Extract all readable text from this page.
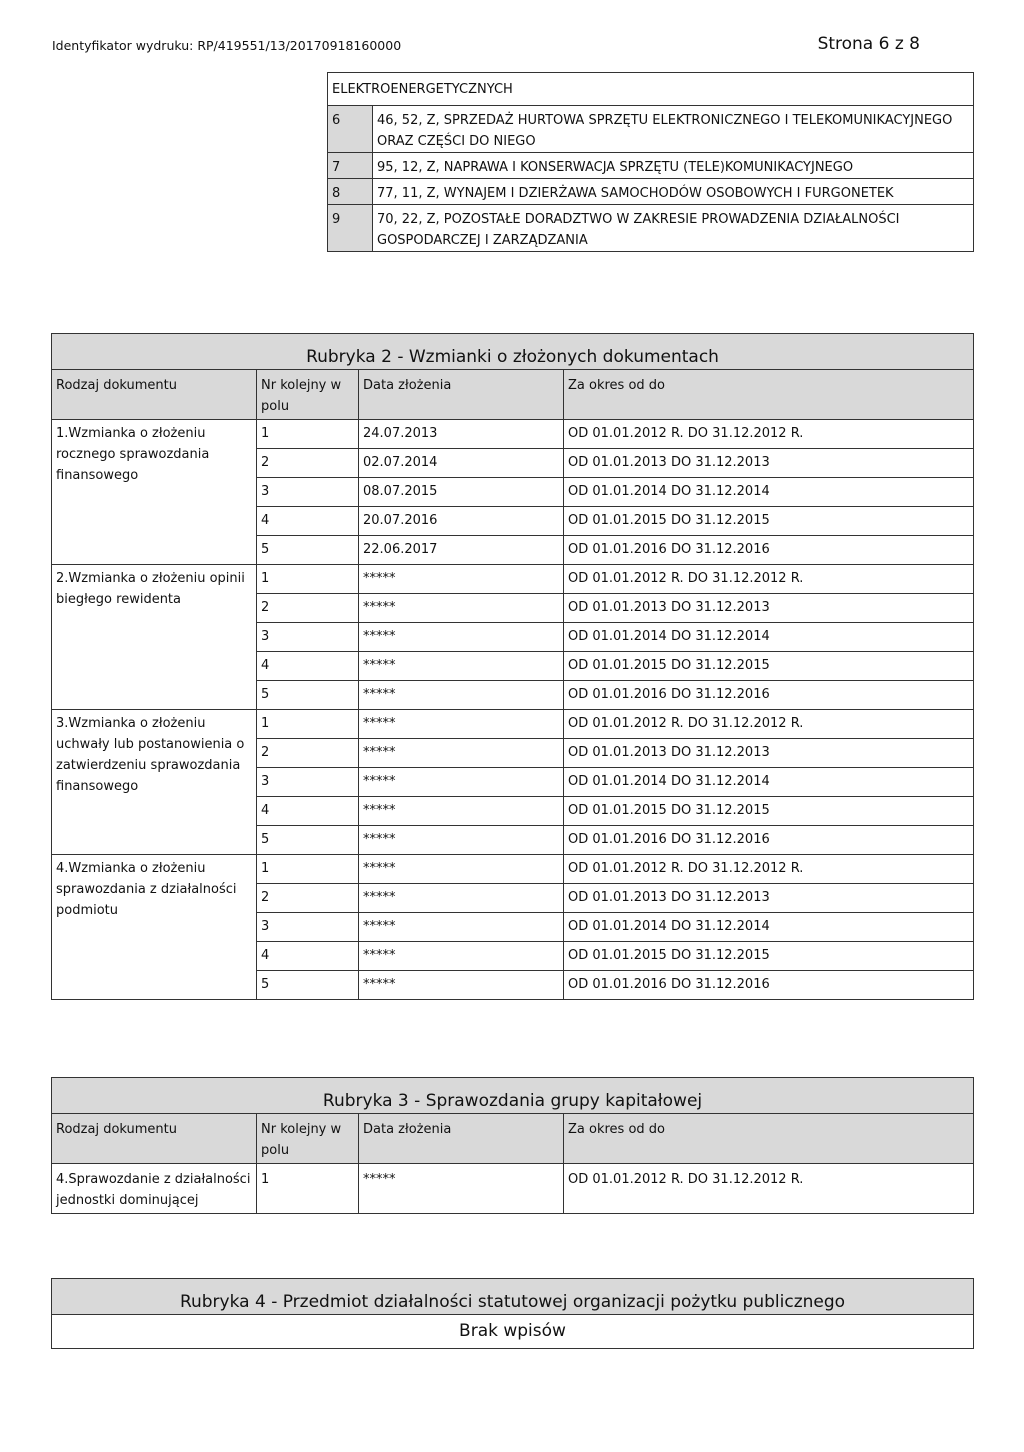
Identyfikator wydruku: RP/419551/13/20170918160000	Strona 6 z 8
ELEKTROENERGETYCZNYCH	
6	46, 52, Z, SPRZEDAŻ HURTOWA SPRZĘTU ELEKTRONICZNEGO I TELEKOMUNIKACYJNEGO ORAZ CZĘŚCI DO NIEGO
7	95, 12, Z, NAPRAWA I KONSERWACJA SPRZĘTU (TELE)KOMUNIKACYJNEGO
8	77, 11, Z, WYNAJEM I DZIERŻAWA SAMOCHODÓW OSOBOWYCH I FURGONETEK
9	70, 22, Z, POZOSTAŁE DORADZTWO W ZAKRESIE PROWADZENIA DZIAŁALNOŚCI GOSPODARCZEJ I ZARZĄDZANIA
Rubryka 2 - Wzmianki o złożonych dokumentach			
Rodzaj dokumentu	Nr kolejny w polu	Data złożenia	Za okres od do
1.Wzmianka o złożeniu rocznego sprawozdania finansowego	1	24.07.2013	OD 01.01.2012 R. DO 31.12.2012 R.
	2	02.07.2014	OD 01.01.2013 DO 31.12.2013
	3	08.07.2015	OD 01.01.2014 DO 31.12.2014
	4	20.07.2016	OD 01.01.2015 DO 31.12.2015
	5	22.06.2017	OD 01.01.2016 DO 31.12.2016
2.Wzmianka o złożeniu opinii biegłego rewidenta	1	*****	OD 01.01.2012 R. DO 31.12.2012 R.
	2	*****	OD 01.01.2013 DO 31.12.2013
	3	*****	OD 01.01.2014 DO 31.12.2014
	4	*****	OD 01.01.2015 DO 31.12.2015
	5	*****	OD 01.01.2016 DO 31.12.2016
3.Wzmianka o złożeniu uchwały lub postanowienia o zatwierdzeniu sprawozdania finansowego	1	*****	OD 01.01.2012 R. DO 31.12.2012 R.
	2	*****	OD 01.01.2013 DO 31.12.2013
	3	*****	OD 01.01.2014 DO 31.12.2014
	4	*****	OD 01.01.2015 DO 31.12.2015
	5	*****	OD 01.01.2016 DO 31.12.2016
4.Wzmianka o złożeniu sprawozdania z działalności podmiotu	1	*****	OD 01.01.2012 R. DO 31.12.2012 R.
	2	*****	OD 01.01.2013 DO 31.12.2013
	3	*****	OD 01.01.2014 DO 31.12.2014
	4	*****	OD 01.01.2015 DO 31.12.2015
	5	*****	OD 01.01.2016 DO 31.12.2016
Rubryka 3 - Sprawozdania grupy kapitałowej			
Rodzaj dokumentu	Nr kolejny w polu	Data złożenia	Za okres od do
4.Sprawozdanie z działalności jednostki dominującej	1	*****	OD 01.01.2012 R. DO 31.12.2012 R.
Rubryka 4 - Przedmiot działalności statutowej organizacji pożytku publicznego
Brak wpisów
